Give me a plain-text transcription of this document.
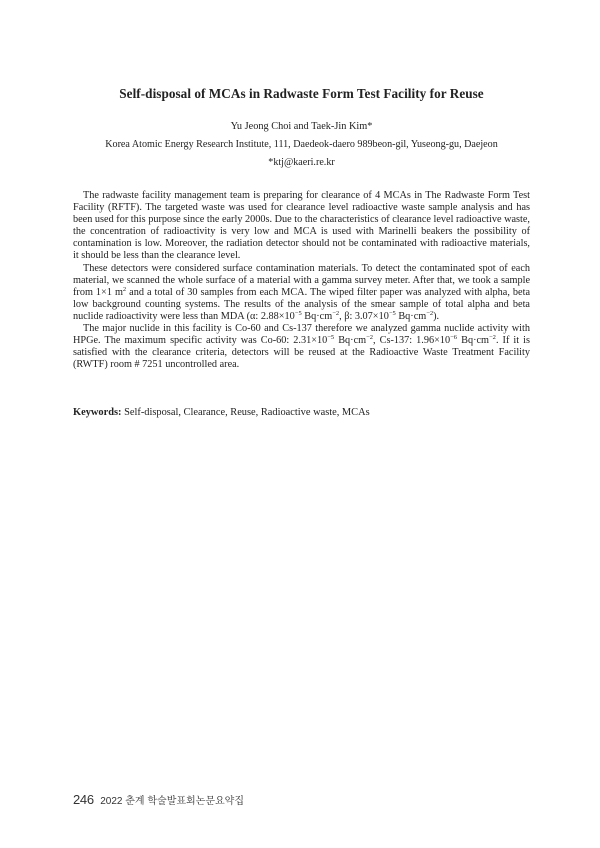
Self-disposal of MCAs in Radwaste Form Test Facility for Reuse
Yu Jeong Choi and Taek-Jin Kim*
Korea Atomic Energy Research Institute, 111, Daedeok-daero 989beon-gil, Yuseong-gu, Daejeon
*ktj@kaeri.re.kr

The radwaste facility management team is preparing for clearance of 4 MCAs in The Radwaste Form Test Facility (RFTF). The targeted waste was used for clearance level radioactive waste sample analysis and has been used for this purpose since the early 2000s. Due to the characteristics of clearance level radioactive waste, the concentration of radioactivity is very low and MCA is used with Marinelli beakers the possibility of contamination is low. Moreover, the radiation detector should not be contaminated with radioactive materials, it should be less than the clearance level.

These detectors were considered surface contamination materials. To detect the contaminated spot of each material, we scanned the whole surface of a material with a gamma survey meter. After that, we took a sample from 1×1 $m^2$ and a total of 30 samples from each MCA. The wiped filter paper was analyzed with alpha, beta low background counting systems. The results of the analysis of the smear sample of total alpha and beta nuclide radioactivity were less than MDA (α: $2.88\times 10^{-5}$ $Bq\cdot cm^{-2}$, β: $3.07\times 10^{-5}$ $Bq\cdot cm^{-2}$).

The major nuclide in this facility is Co-60 and Cs-137 therefore we analyzed gamma nuclide activity with HPGe. The maximum specific activity was Co-60: $2.31\times 10^{-5}$ $Bq\cdot cm^{-2}$, Cs-137: $1.96\times 10^{-6}$ $Bq\cdot cm^{-2}$. If it is satisfied with the clearance criteria, detectors will be reused at the Radioactive Waste Treatment Facility (RWTF) room # 7251 uncontrolled area.

Keywords: Self-disposal, Clearance, Reuse, Radioactive waste, MCAs
246 2022 춘계 학술발표회논문요약집
